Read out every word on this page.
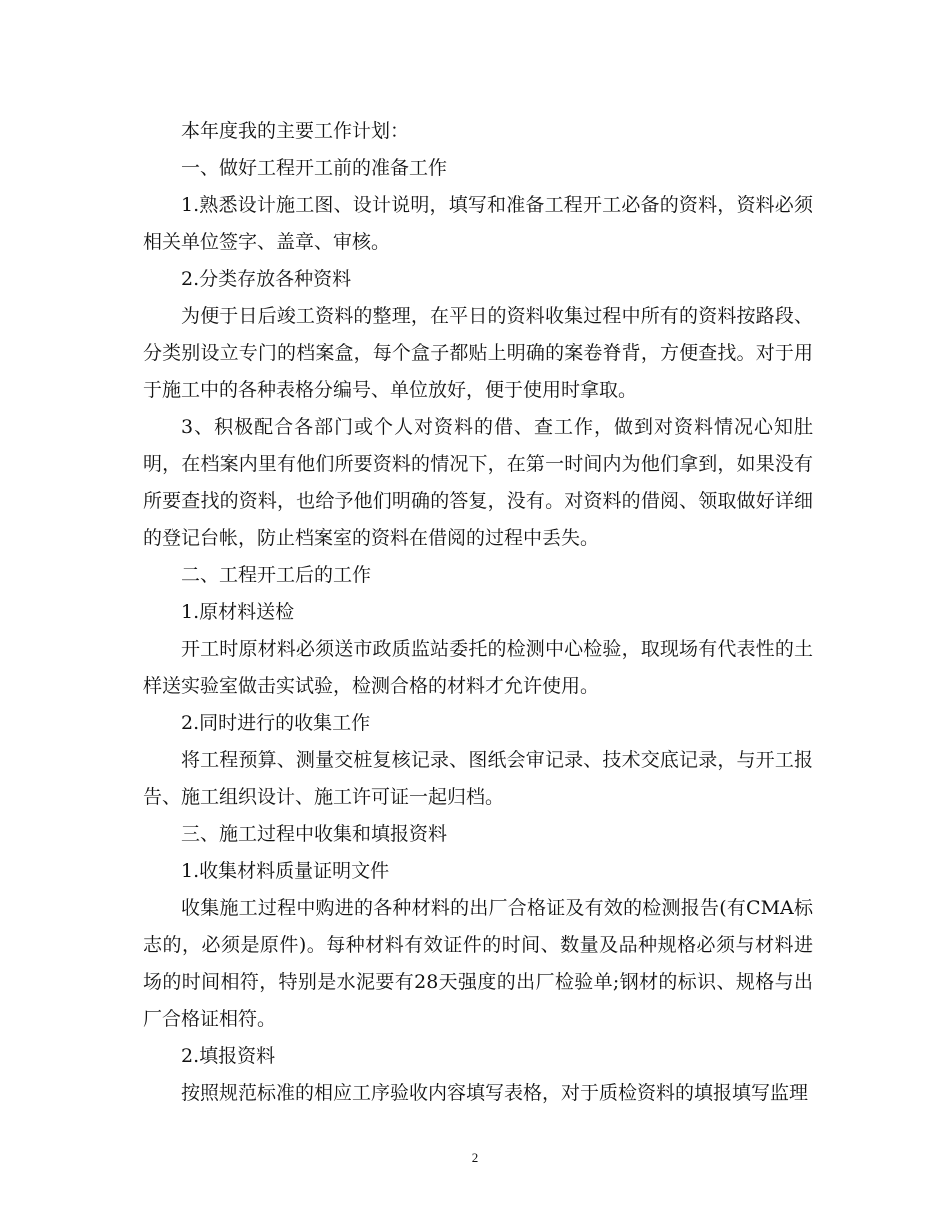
本年度我的主要工作计划：

一、做好工程开工前的准备工作

1.熟悉设计施工图、设计说明，填写和准备工程开工必备的资料，资料必须相关单位签字、盖章、审核。

2.分类存放各种资料

为便于日后竣工资料的整理，在平日的资料收集过程中所有的资料按路段、分类别设立专门的档案盒，每个盒子都贴上明确的案卷脊背，方便查找。对于用于施工中的各种表格分编号、单位放好，便于使用时拿取。

3、积极配合各部门或个人对资料的借、查工作，做到对资料情况心知肚明，在档案内里有他们所要资料的情况下，在第一时间内为他们拿到，如果没有所要查找的资料，也给予他们明确的答复，没有。对资料的借阅、领取做好详细的登记台帐，防止档案室的资料在借阅的过程中丢失。

二、工程开工后的工作

1.原材料送检

开工时原材料必须送市政质监站委托的检测中心检验，取现场有代表性的土样送实验室做击实试验，检测合格的材料才允许使用。

2.同时进行的收集工作

将工程预算、测量交桩复核记录、图纸会审记录、技术交底记录，与开工报告、施工组织设计、施工许可证一起归档。

三、施工过程中收集和填报资料

1.收集材料质量证明文件

收集施工过程中购进的各种材料的出厂合格证及有效的检测报告(有CMA标志的，必须是原件)。每种材料有效证件的时间、数量及品种规格必须与材料进场的时间相符，特别是水泥要有28天强度的出厂检验单;钢材的标识、规格与出厂合格证相符。

2.填报资料

按照规范标准的相应工序验收内容填写表格，对于质检资料的填报填写监理

2
